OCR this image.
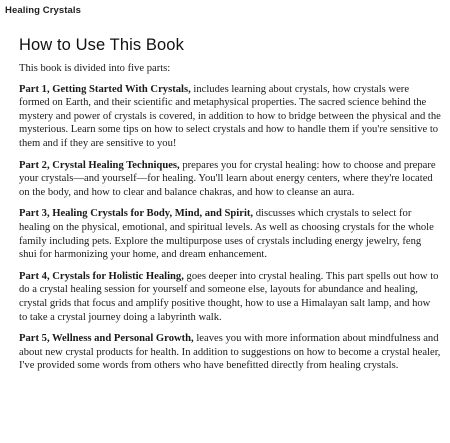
Healing Crystals
How to Use This Book

This book is divided into five parts:

Part 1, Getting Started With Crystals, includes learning about crystals, how crystals were formed on Earth, and their scientific and metaphysical properties. The sacred science behind the mystery and power of crystals is covered, in addition to how to bridge between the physical and the mysterious. Learn some tips on how to select crystals and how to handle them if you're sensitive to them and if they are sensitive to you!

Part 2, Crystal Healing Techniques, prepares you for crystal healing: how to choose and prepare your crystals—and yourself—for healing. You'll learn about energy centers, where they're located on the body, and how to clear and balance chakras, and how to cleanse an aura.

Part 3, Healing Crystals for Body, Mind, and Spirit, discusses which crystals to select for healing on the physical, emotional, and spiritual levels. As well as choosing crystals for the whole family including pets. Explore the multipurpose uses of crystals including energy jewelry, feng shui for harmonizing your home, and dream enhancement.

Part 4, Crystals for Holistic Healing, goes deeper into crystal healing. This part spells out how to do a crystal healing session for yourself and someone else, layouts for abundance and healing, crystal grids that focus and amplify positive thought, how to use a Himalayan salt lamp, and how to take a crystal journey doing a labyrinth walk.

Part 5, Wellness and Personal Growth, leaves you with more information about mindfulness and about new crystal products for health. In addition to suggestions on how to become a crystal healer, I've provided some words from others who have benefitted directly from healing crystals.
